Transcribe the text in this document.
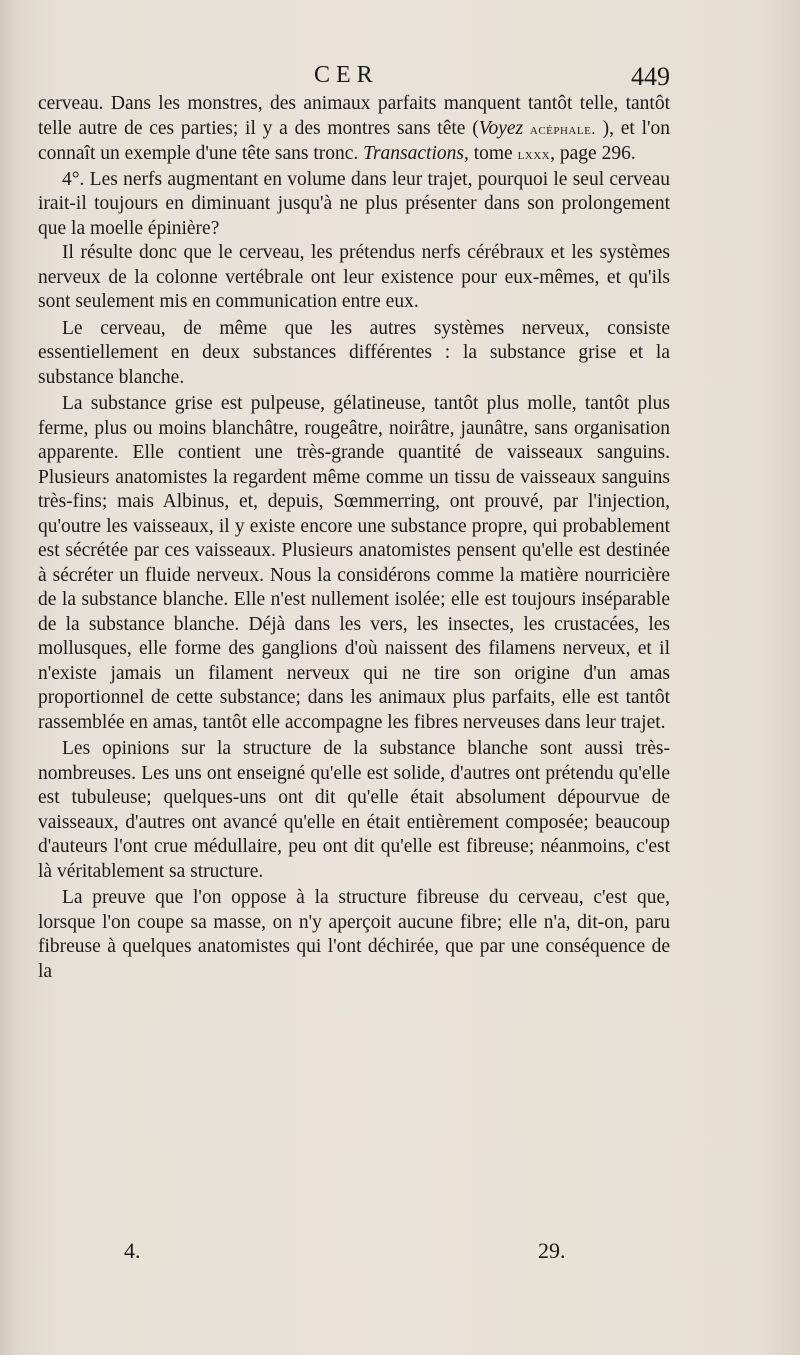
CER	449

cerveau. Dans les monstres, des animaux parfaits manquent tantôt telle, tantôt telle autre de ces parties; il y a des montres sans tête (Voyez acéphale. ), et l'on connaît un exemple d'une tête sans tronc. Transactions, tome lxxx, page 296.

4°. Les nerfs augmentant en volume dans leur trajet, pourquoi le seul cerveau irait-il toujours en diminuant jusqu'à ne plus présenter dans son prolongement que la moelle épinière?

Il résulte donc que le cerveau, les prétendus nerfs cérébraux et les systèmes nerveux de la colonne vertébrale ont leur existence pour eux-mêmes, et qu'ils sont seulement mis en communication entre eux.

Le cerveau, de même que les autres systèmes nerveux, consiste essentiellement en deux substances différentes : la substance grise et la substance blanche.

La substance grise est pulpeuse, gélatineuse, tantôt plus molle, tantôt plus ferme, plus ou moins blanchâtre, rougeâtre, noirâtre, jaunâtre, sans organisation apparente. Elle contient une très-grande quantité de vaisseaux sanguins. Plusieurs anatomistes la regardent même comme un tissu de vaisseaux sanguins très-fins; mais Albinus, et, depuis, Sœmmerring, ont prouvé, par l'injection, qu'outre les vaisseaux, il y existe encore une substance propre, qui probablement est sécrétée par ces vaisseaux. Plusieurs anatomistes pensent qu'elle est destinée à sécréter un fluide nerveux. Nous la considérons comme la matière nourricière de la substance blanche. Elle n'est nullement isolée; elle est toujours inséparable de la substance blanche. Déjà dans les vers, les insectes, les crustacées, les mollusques, elle forme des ganglions d'où naissent des filamens nerveux, et il n'existe jamais un filament nerveux qui ne tire son origine d'un amas proportionnel de cette substance; dans les animaux plus parfaits, elle est tantôt rassemblée en amas, tantôt elle accompagne les fibres nerveuses dans leur trajet.

Les opinions sur la structure de la substance blanche sont aussi très-nombreuses. Les uns ont enseigné qu'elle est solide, d'autres ont prétendu qu'elle est tubuleuse; quelques-uns ont dit qu'elle était absolument dépourvue de vaisseaux, d'autres ont avancé qu'elle en était entièrement composée; beaucoup d'auteurs l'ont crue médullaire, peu ont dit qu'elle est fibreuse; néanmoins, c'est là véritablement sa structure.

La preuve que l'on oppose à la structure fibreuse du cerveau, c'est que, lorsque l'on coupe sa masse, on n'y aperçoit aucune fibre; elle n'a, dit-on, paru fibreuse à quelques anatomistes qui l'ont déchirée, que par une conséquence de la

4.	29.
